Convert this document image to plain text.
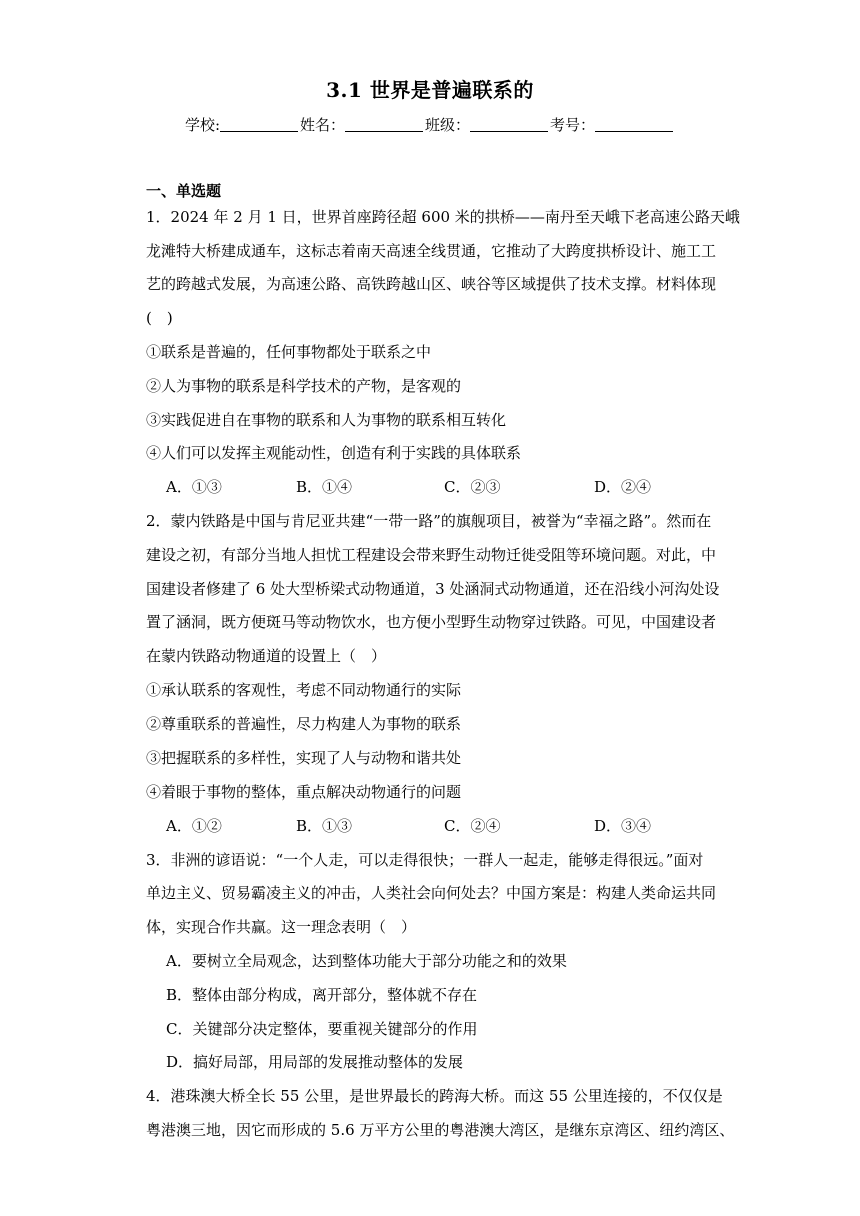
3.1 世界是普遍联系的
学校:	姓名：	班级：	考号：
一、单选题
1．2024 年 2 月 1 日，世界首座跨径超 600 米的拱桥——南丹至天峨下老高速公路天峨
龙滩特大桥建成通车，这标志着南天高速全线贯通，它推动了大跨度拱桥设计、施工工
艺的跨越式发展，为高速公路、高铁跨越山区、峡谷等区域提供了技术支撑。材料体现
(　)
①联系是普遍的，任何事物都处于联系之中
②人为事物的联系是科学技术的产物，是客观的
③实践促进自在事物的联系和人为事物的联系相互转化
④人们可以发挥主观能动性，创造有利于实践的具体联系
A．①③	B．①④	C．②③	D．②④
2．蒙内铁路是中国与肯尼亚共建“一带一路”的旗舰项目，被誉为“幸福之路”。然而在
建设之初，有部分当地人担忧工程建设会带来野生动物迁徙受阻等环境问题。对此，中
国建设者修建了 6 处大型桥梁式动物通道，3 处涵洞式动物通道，还在沿线小河沟处设
置了涵洞，既方便斑马等动物饮水，也方便小型野生动物穿过铁路。可见，中国建设者
在蒙内铁路动物通道的设置上（　）
①承认联系的客观性，考虑不同动物通行的实际
②尊重联系的普遍性，尽力构建人为事物的联系
③把握联系的多样性，实现了人与动物和谐共处
④着眼于事物的整体，重点解决动物通行的问题
A．①②	B．①③	C．②④	D．③④
3．非洲的谚语说：“一个人走，可以走得很快；一群人一起走，能够走得很远。”面对
单边主义、贸易霸凌主义的冲击，人类社会向何处去？中国方案是：构建人类命运共同
体，实现合作共赢。这一理念表明（　）
A．要树立全局观念，达到整体功能大于部分功能之和的效果
B．整体由部分构成，离开部分，整体就不存在
C．关键部分决定整体，要重视关键部分的作用
D．搞好局部，用局部的发展推动整体的发展
4．港珠澳大桥全长 55 公里，是世界最长的跨海大桥。而这 55 公里连接的，不仅仅是
粤港澳三地，因它而形成的 5.6 万平方公里的粤港澳大湾区，是继东京湾区、纽约湾区、
